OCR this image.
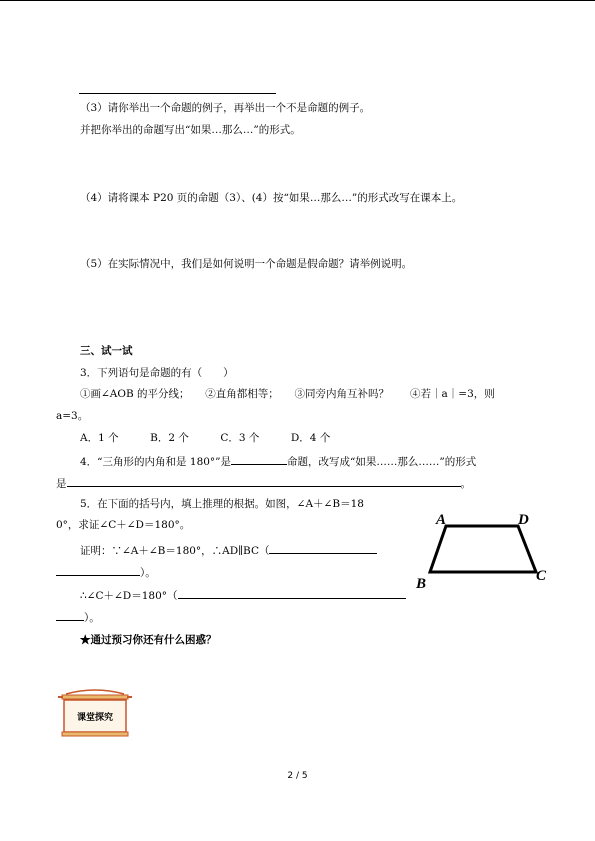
（3）请你举出一个命题的例子，再举出一个不是命题的例子。
并把你举出的命题写出“如果…那么…”的形式。
（4）请将课本 P20 页的命题（3）、(4）按“如果…那么…”的形式改写在课本上。
（5）在实际情况中，我们是如何说明一个命题是假命题？请举例说明。
三、试一试
3．下列语句是命题的有（　　）
①画∠AOB 的平分线；　　②直角都相等；　　③同旁内角互补吗？　　④若｜a｜=3，则
a=3。
A．1 个　　　B．2 个　　　C．3 个　　　D．4 个
4．“三角形的内角和是 180°”是	命题，改写成“如果……那么……”的形式
是	。
5．在下面的括号内，填上推理的根据。如图，∠A＋∠B＝18
0°，求证∠C＋∠D＝180°。
证明：∵∠A＋∠B＝180°，∴AD∥BC（
）。
∴∠C＋∠D＝180°（
）。
★通过预习你还有什么困惑？
A	D
B	C
课堂探究
2 / 5
